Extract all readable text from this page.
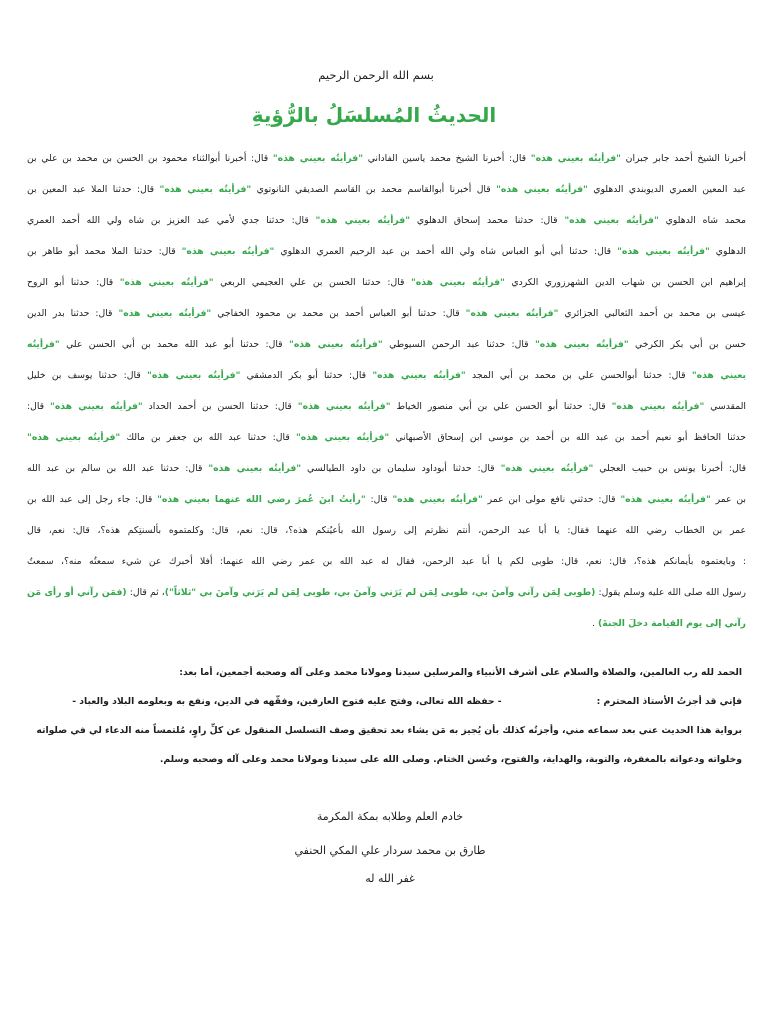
بسم الله الرحمن الرحيم
الحديثُ المُسلسَلُ بالرُّؤيةِ
أخبرنا الشيخ أحمد جابر جبران "فرأيتُه بعيني هذه" قال: أخبرنا الشيخ محمد ياسين الفاداني "فرأيتُه بعيني هذه" قال: أخبرنا أبوالثناء محمود بن الحسن بن محمد بن علي بن
عبد المعين العمري الديوبندي الدهلوي "فرأيتُه بعيني هذه" قال أخبرنا أبوالقاسم محمد بن القاسم الصديقي النانوتوي "فرأيتُه بعيني هذه" قال: حدثنا الملا عبد المعين بن
محمد شاه الدهلوي "فرأيتُه بعيني هذه" قال: حدثنا محمد إسحاق الدهلوي "فرأيتُه بعيني هذه" قال: حدثنا جدي لأمي عبد العزيز بن شاه ولي الله أحمد العمري
الدهلوي "فرأيتُه بعيني هذه" قال: حدثنا أبي أبو العباس شاه ولي الله أحمد بن عبد الرحيم العمري الدهلوي "فرأيتُه بعيني هذه" قال: حدثنا الملا محمد أبو طاهر بن
إبراهيم ابن الحسن بن شهاب الدين الشهرزوري الكردي "فرأيتُه بعيني هذه" قال: حدثنا الحسن بن علي العجيمي الربعي "فرأيتُه بعيني هذه" قال: حدثنا أبو الروح
عيسى بن محمد بن أحمد الثعالبي الجزائري "فرأيتُه بعيني هذه" قال: حدثنا أبو العباس أحمد بن محمد بن محمود الخفاجي "فرأيتُه بعيني هذه" قال: حدثنا بدر الدين
حسن بن أبي بكر الكرخي "فرأيتُه بعيني هذه" قال: حدثنا عبد الرحمن السيوطي "فرأيتُه بعيني هذه" قال: حدثنا أبو عبد الله محمد بن أبي الحسن علي "فرأيتُه
بعيني هذه" قال: حدثنا أبوالحسن علي بن محمد بن أبي المجد "فرأيتُه بعيني هذه" قال: حدثنا أبو بكر الدمشقي "فرأيتُه بعيني هذه" قال: حدثنا يوسف بن خليل
المقدسي "فرأيتُه بعيني هذه" قال: حدثنا أبو الحسن علي بن أبي منصور الخياط "فرأيتُه بعيني هذه" قال: حدثنا الحسن بن أحمد الحداد "فرأيتُه بعيني هذه" قال:
حدثنا الحافظ أبو نعيم أحمد بن عبد الله بن أحمد بن موسى ابن إسحاق الأصبهاني "فرأيتُه بعيني هذه" قال: حدثنا عبد الله بن جعفر بن مالك "فرأيتُه بعيني هذه"
قال: أخبرنا يونس بن حبيب العجلي "فرأيتُه بعيني هذه" قال: حدثنا أبوداود سليمان بن داود الطيالسي "فرأيتُه بعيني هذه" قال: حدثنا عبد الله بن سالم بن عبد الله
بن عمر "فرأيتُه بعيني هذه" قال: حدثني نافع مولى ابن عمر "فرأيتُه بعيني هذه" قال: "رأيتُ ابنَ عُمرَ رضي الله عنهما بعيني هذه" قال: جاء رجل إلى عبد الله بن
عمر بن الخطاب رضي الله عنهما فقال: يا أبا عبد الرحمن، أنتم نظرتم إلى رسول الله بأعيُنكم هذه؟، قال: نعم، قال: وكلمتموه بألسنتِكم هذه؟، قال: نعم، قال
: وبايعتموه بأيمانكم هذه؟، قال: نعم، قال: طوبى لكم يا أبا عبد الرحمن، فقال له عبد الله بن عمر رضي الله عنهما: أفلا أخبرك عن شيء سمعتُه منه؟، سمعتُ
رسول الله صلى الله عليه وسلم يقول: (طوبى لِمَن رآني وآمنَ بي، طوبى لِمَن لم يَرَني وآمنَ بي، طوبى لِمَن لم يَرَني وآمنَ بي "ثلاثاً")، ثم قال: (فمَن رآني أو رأى مَن
رآني إلى يوم القيامة دخلَ الجنةَ) .
الحمد لله رب العالمين، والصلاة والسلام على أشرف الأنبياء والمرسلين سيدنا ومولانا محمد وعلى آله وصحبه أجمعين، أما بعد:
فإني قد أجزتُ الأستاذ المحترم :- حفظه الله تعالى، وفتح عليه فتوح العارفين، وفقّهه في الدين، ونفع به وبعلومه البلاد والعباد -
برواية هذا الحديث عني بعد سماعه مني، وأجزتُه كذلك بأن يُجيز به مَن يشاء بعد تحقيق وصف التسلسل المنقول عن كلِّ راوٍ، مُلتمساً منه الدعاء لي في صلواته
وخلواته ودعواته بالمغفرة، والتوبة، والهداية، والفتوح، وحُسن الختام. وصلى الله على سيدنا ومولانا محمد وعلى آله وصحبه وسلم.
خادم العلم وطلابه بمكة المكرمة
طارق بن محمد سردار علي المكي الحنفي
غفر الله له
